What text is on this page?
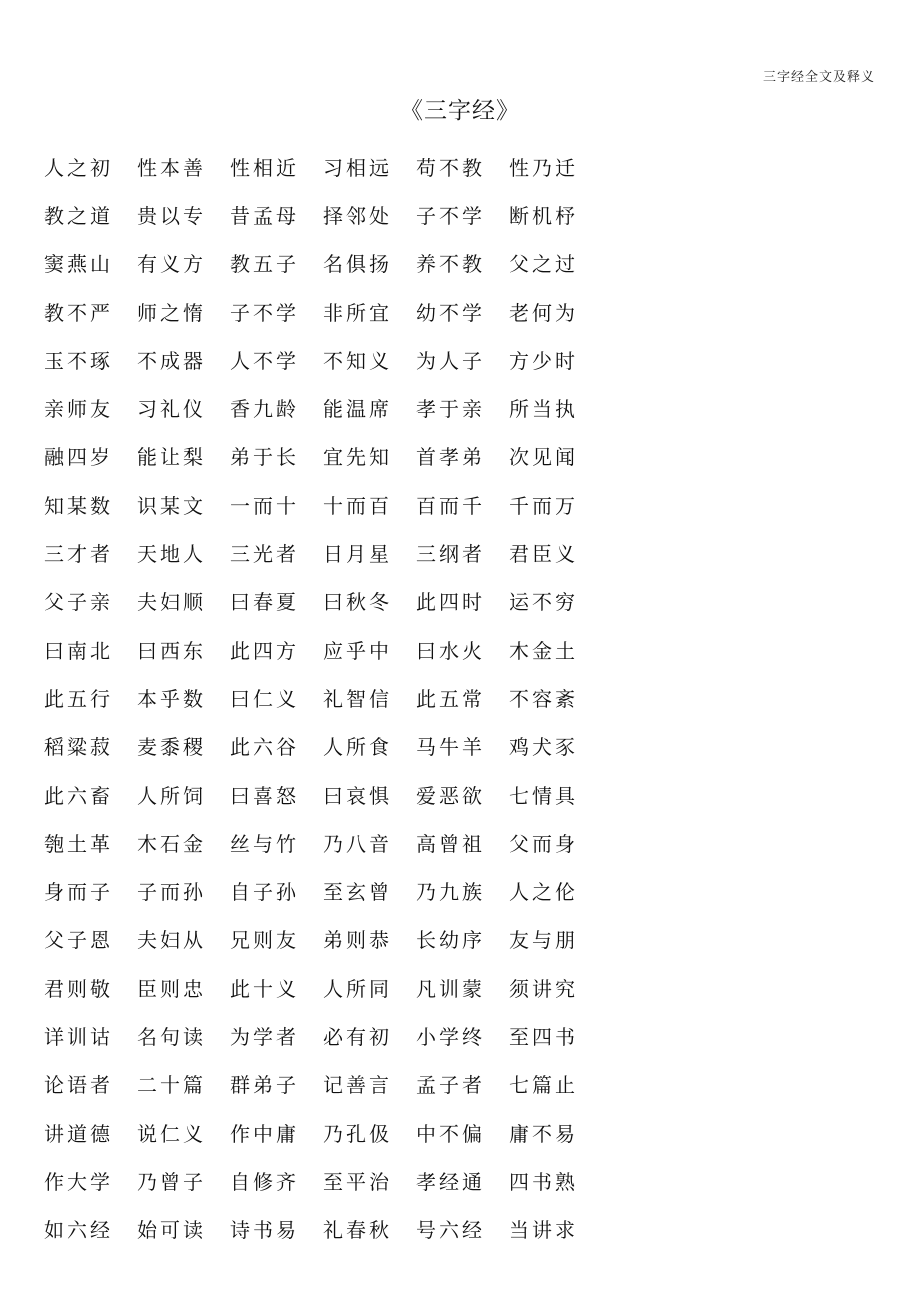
三字经全文及释义
《三字经》
人之初	性本善	性相近	习相远	苟不教	性乃迁
教之道	贵以专	昔孟母	择邻处	子不学	断机杼
窦燕山	有义方	教五子	名俱扬	养不教	父之过
教不严	师之惰	子不学	非所宜	幼不学	老何为
玉不琢	不成器	人不学	不知义	为人子	方少时
亲师友	习礼仪	香九龄	能温席	孝于亲	所当执
融四岁	能让梨	弟于长	宜先知	首孝弟	次见闻
知某数	识某文	一而十	十而百	百而千	千而万
三才者	天地人	三光者	日月星	三纲者	君臣义
父子亲	夫妇顺	曰春夏	曰秋冬	此四时	运不穷
曰南北	曰西东	此四方	应乎中	曰水火	木金土
此五行	本乎数	曰仁义	礼智信	此五常	不容紊
稻粱菽	麦黍稷	此六谷	人所食	马牛羊	鸡犬豕
此六畜	人所饲	曰喜怒	曰哀惧	爱恶欲	七情具
匏土革	木石金	丝与竹	乃八音	高曾祖	父而身
身而子	子而孙	自子孙	至玄曾	乃九族	人之伦
父子恩	夫妇从	兄则友	弟则恭	长幼序	友与朋
君则敬	臣则忠	此十义	人所同	凡训蒙	须讲究
详训诂	名句读	为学者	必有初	小学终	至四书
论语者	二十篇	群弟子	记善言	孟子者	七篇止
讲道德	说仁义	作中庸	乃孔伋	中不偏	庸不易
作大学	乃曾子	自修齐	至平治	孝经通	四书熟
如六经	始可读	诗书易	礼春秋	号六经	当讲求
